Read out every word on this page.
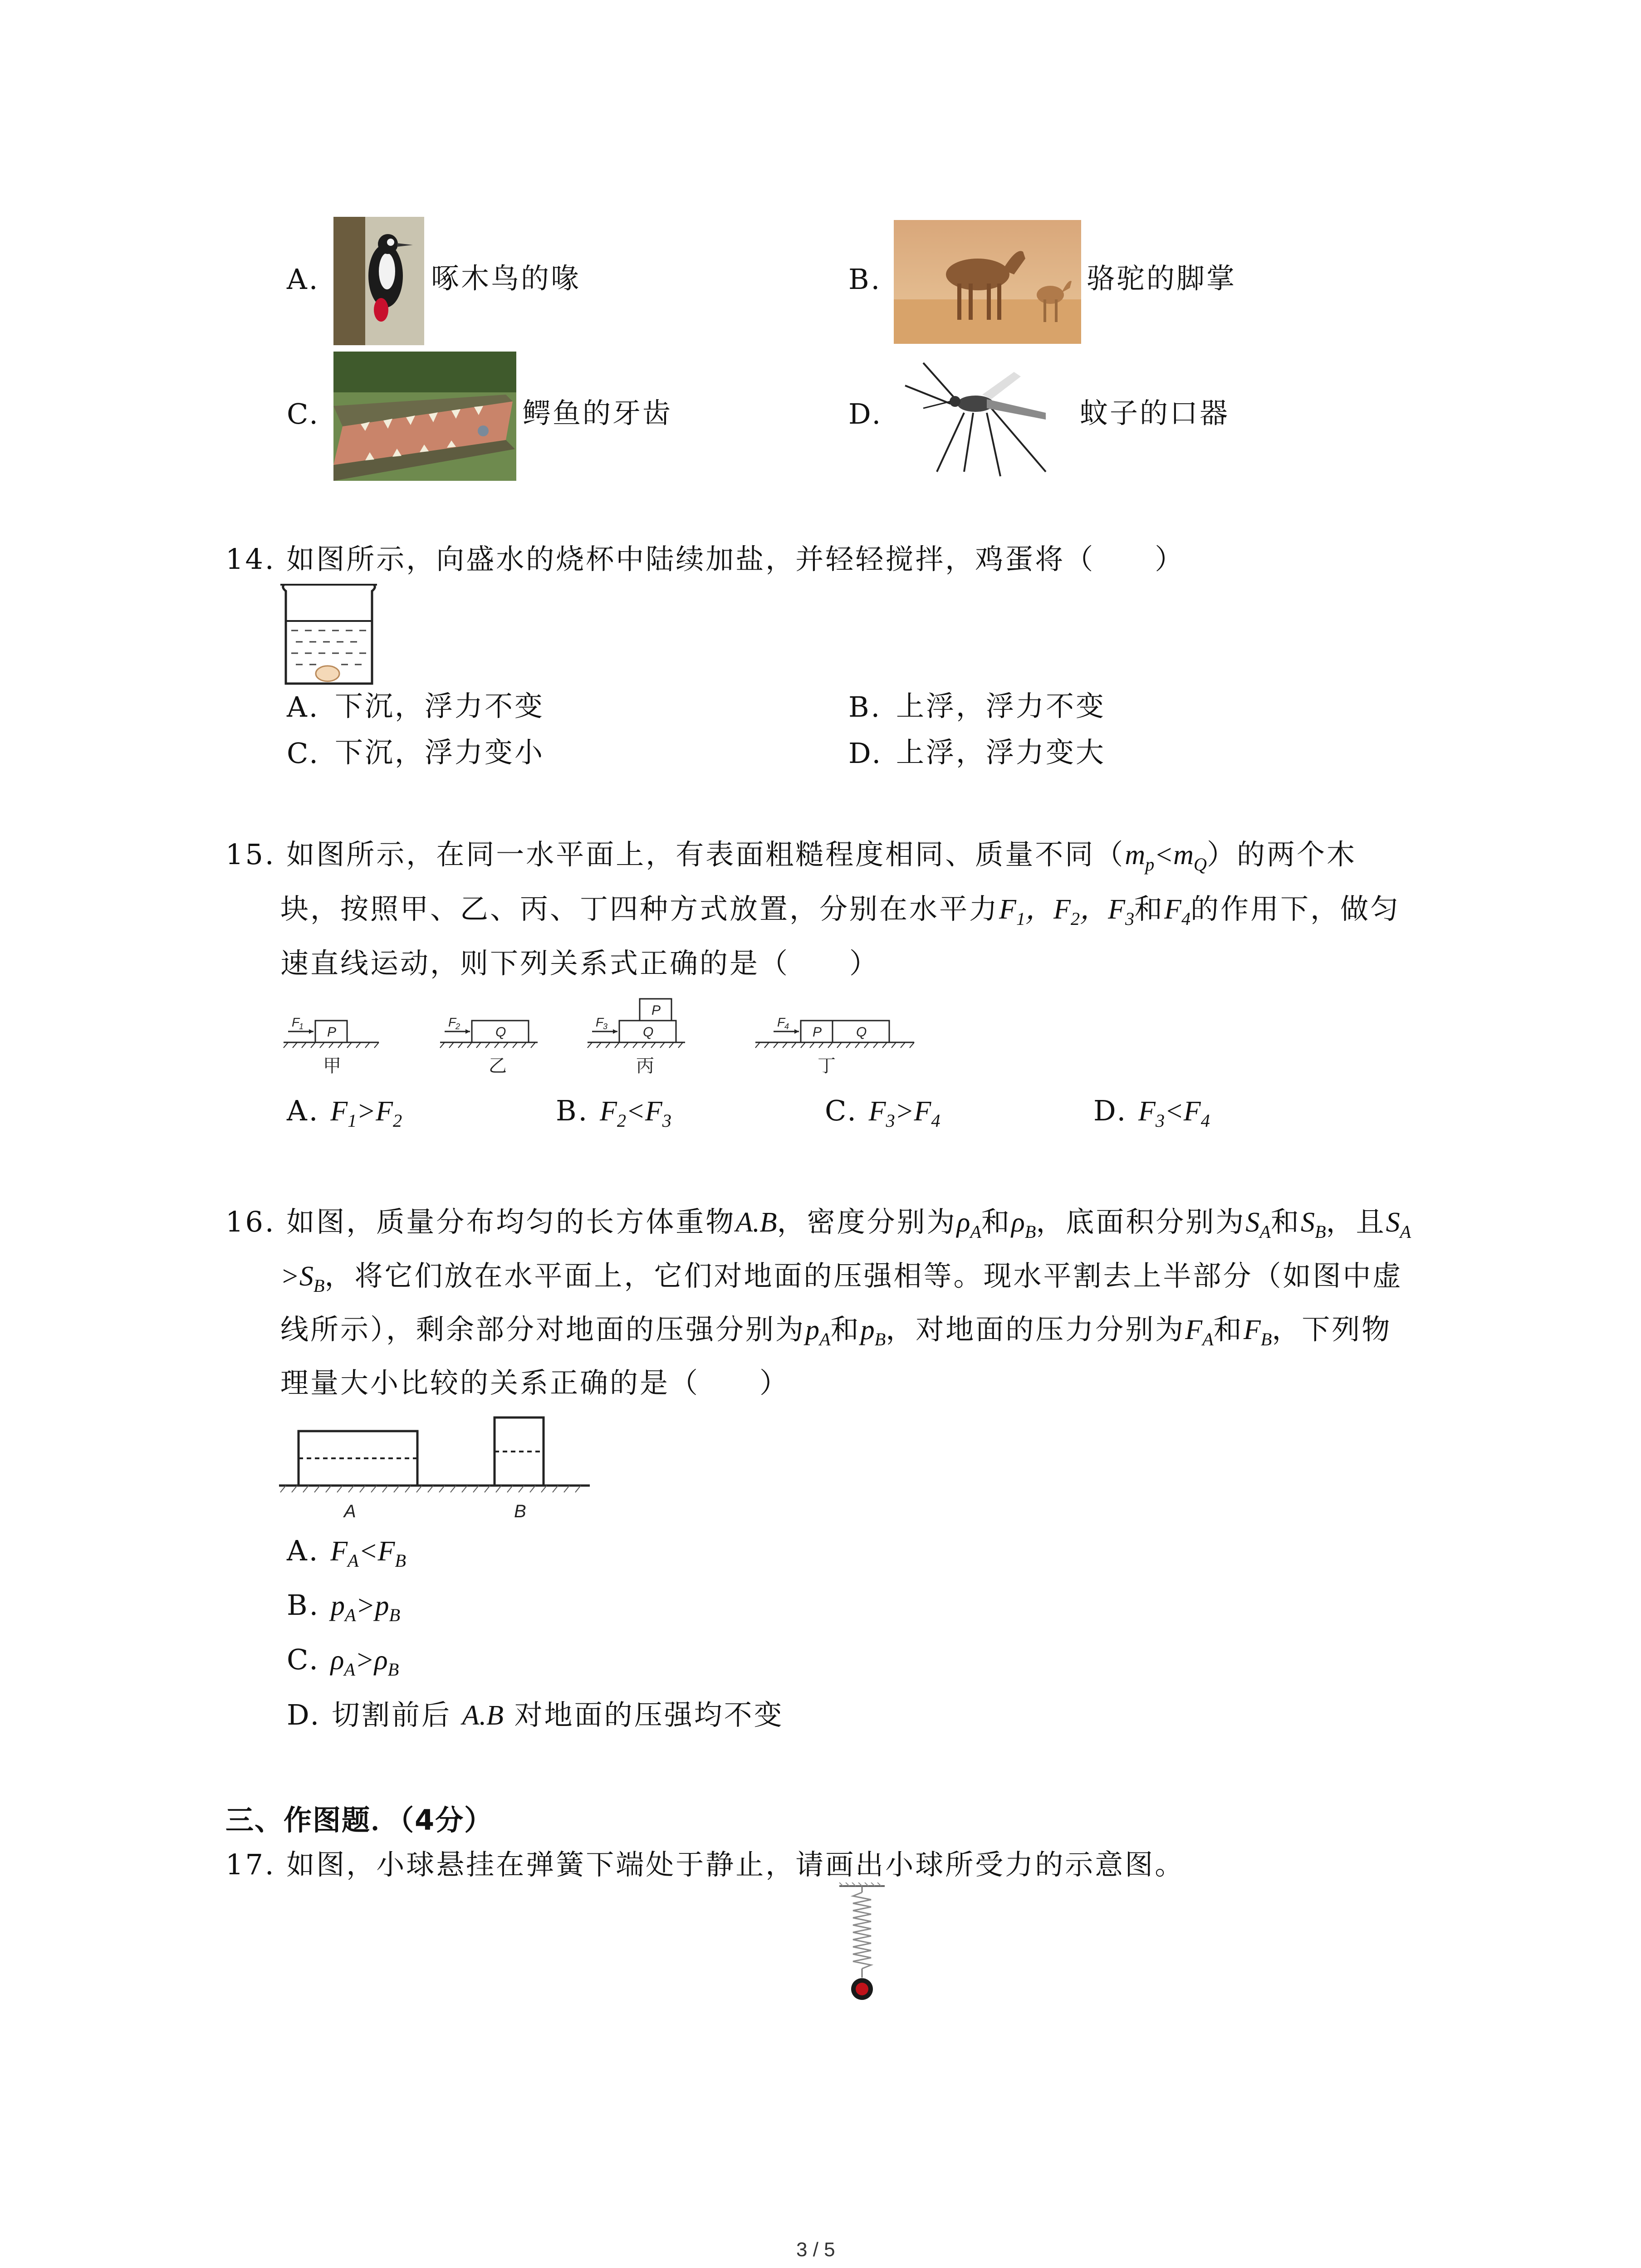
A.	啄木鸟的喙	B.	骆驼的脚掌
C.	鳄鱼的牙齿	D.	蚊子的口器
14. 如图所示，向盛水的烧杯中陆续加盐，并轻轻搅拌，鸡蛋将（　　）
A. 下沉，浮力不变	B. 上浮，浮力不变
C. 下沉，浮力变小	D. 上浮，浮力变大
15. 如图所示，在同一水平面上，有表面粗糙程度相同、质量不同$(m_p<m_Q)$的两个木
块，按照甲、乙、丙、丁四种方式放置，分别在水平力$F_1$，$F_2$，$F_3$和$F_4$的作用下，做匀
速直线运动，则下列关系式正确的是（　　）
F
1	F
2	F
3	F
4
P	Q	Q
P
P	Q
甲	乙	丙	丁
A. $F_1>F_2$	B. $F_2<F_3$	C. $F_3>F_4$	D. $F_3<F_4$
16. 如图，质量分布均匀的长方体重物A.B，密度分别为$\rho_A$和$\rho_B$，底面积分别为$S_A$和$S_B$，且$S_A$
$>S_B$，将它们放在水平面上，它们对地面的压强相等。现水平割去上半部分（如图中虚
线所示），剩余部分对地面的压强分别为$p_A$和$p_B$，对地面的压力分别为$F_A$和$F_B$，下列物
理量大小比较的关系正确的是（　　）
A	B
A. $F_A<F_B$
B. $p_A>p_B$
C. $\rho_A>\rho_B$
D. 切割前后 A.B 对地面的压强均不变
三、作图题．（4分）
17. 如图，小球悬挂在弹簧下端处于静止，请画出小球所受力的示意图。
3 / 5
